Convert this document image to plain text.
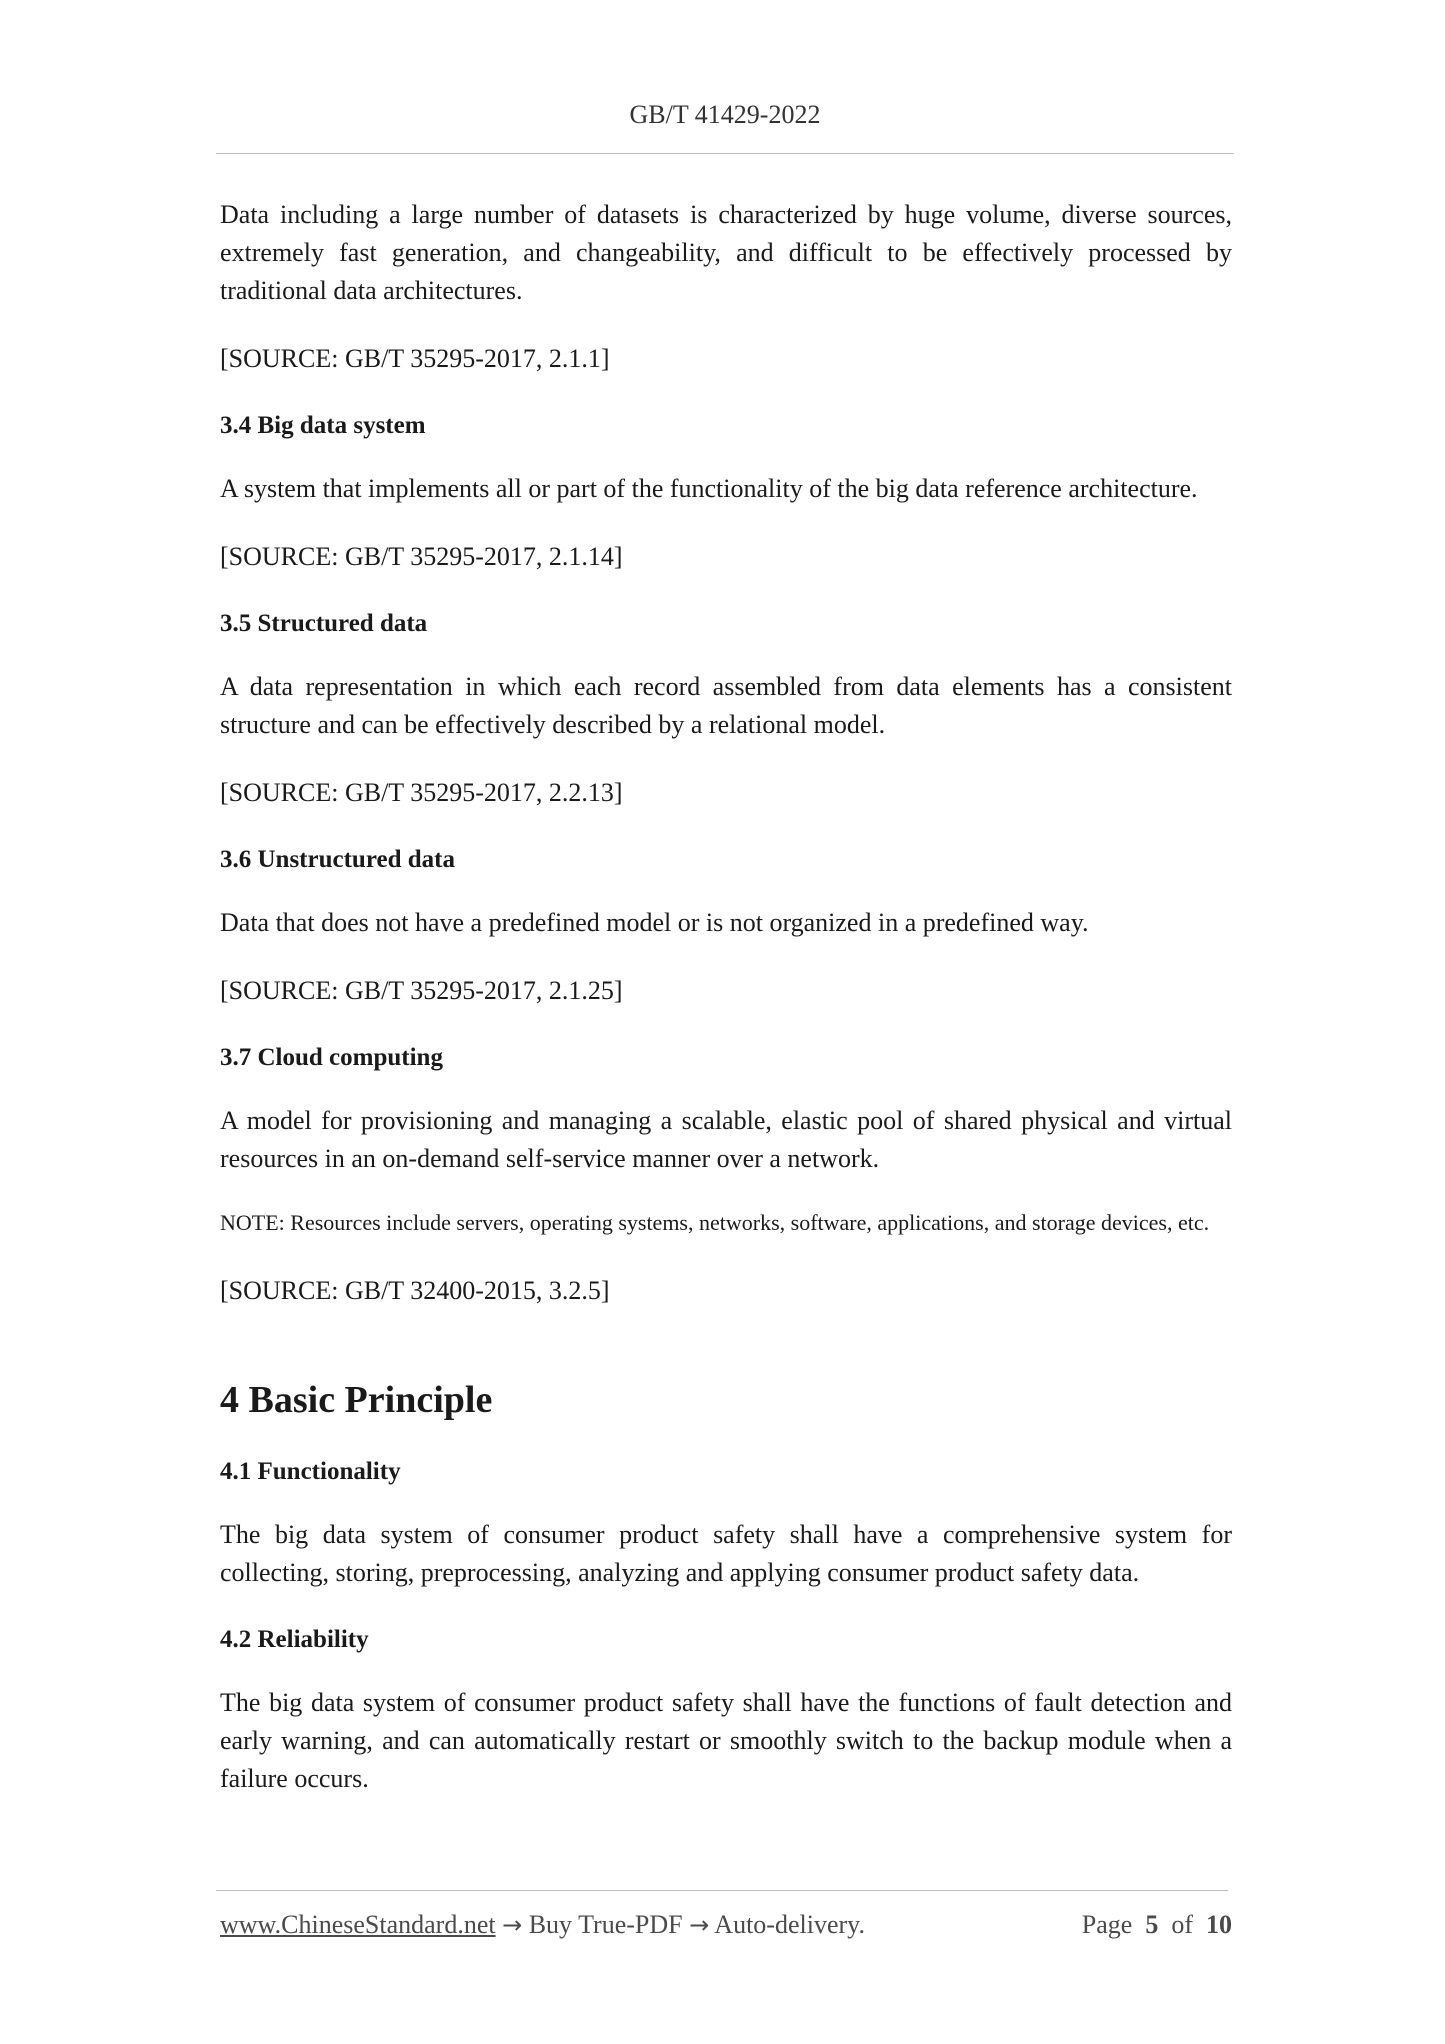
GB/T 41429-2022

Data including a large number of datasets is characterized by huge volume, diverse sources, extremely fast generation, and changeability, and difficult to be effectively processed by traditional data architectures.

[SOURCE: GB/T 35295-2017, 2.1.1]

3.4 Big data system

A system that implements all or part of the functionality of the big data reference architecture.

[SOURCE: GB/T 35295-2017, 2.1.14]

3.5 Structured data

A data representation in which each record assembled from data elements has a consistent structure and can be effectively described by a relational model.

[SOURCE: GB/T 35295-2017, 2.2.13]

3.6 Unstructured data

Data that does not have a predefined model or is not organized in a predefined way.

[SOURCE: GB/T 35295-2017, 2.1.25]

3.7 Cloud computing

A model for provisioning and managing a scalable, elastic pool of shared physical and virtual resources in an on-demand self-service manner over a network.

NOTE: Resources include servers, operating systems, networks, software, applications, and storage devices, etc.

[SOURCE: GB/T 32400-2015, 3.2.5]

4 Basic Principle

4.1 Functionality

The big data system of consumer product safety shall have a comprehensive system for collecting, storing, preprocessing, analyzing and applying consumer product safety data.

4.2 Reliability

The big data system of consumer product safety shall have the functions of fault detection and early warning, and can automatically restart or smoothly switch to the backup module when a failure occurs.

www.ChineseStandard.net → Buy True-PDF → Auto-delivery.	Page 5 of 10
